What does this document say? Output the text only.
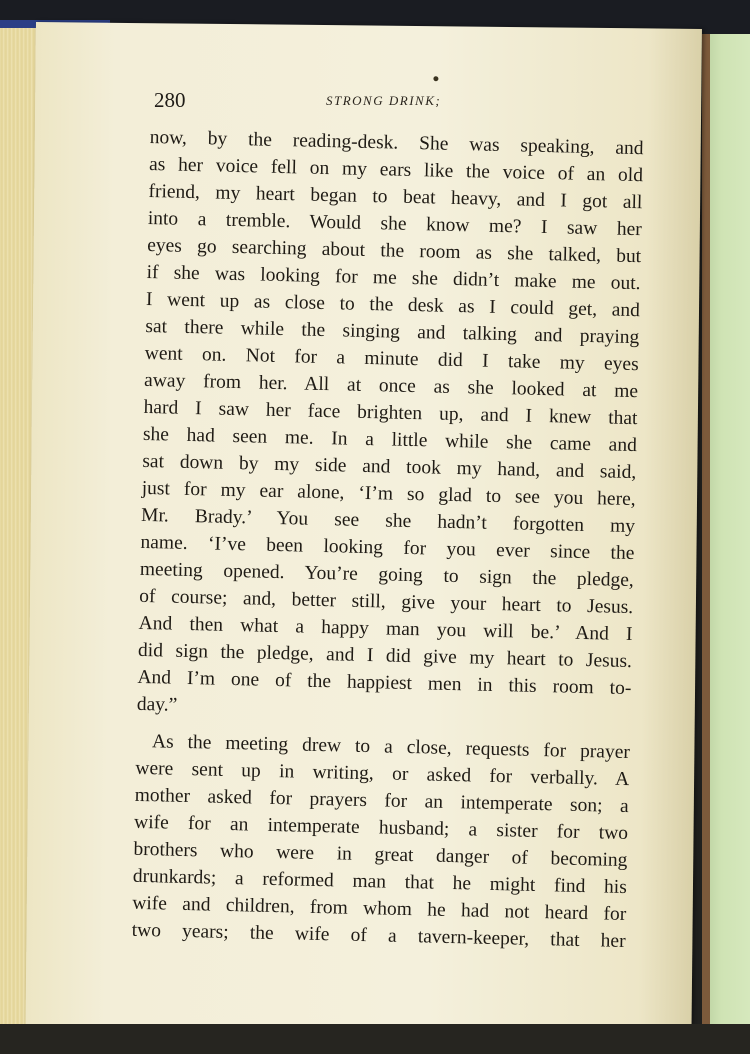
280	STRONG DRINK;
now, by the reading-desk. She was speaking, and
as her voice fell on my ears like the voice of an old
friend, my heart began to beat heavy, and I got all
into a tremble. Would she know me? I saw her
eyes go searching about the room as she talked, but
if she was looking for me she didn’t make me out.
I went up as close to the desk as I could get, and
sat there while the singing and talking and praying
went on. Not for a minute did I take my eyes
away from her. All at once as she looked at me
hard I saw her face brighten up, and I knew that
she had seen me. In a little while she came and
sat down by my side and took my hand, and said,
just for my ear alone, ‘I’m so glad to see you here,
Mr. Brady.’ You see she hadn’t forgotten my
name. ‘I’ve been looking for you ever since the
meeting opened. You’re going to sign the pledge,
of course; and, better still, give your heart to Jesus.
And then what a happy man you will be.’ And I
did sign the pledge, and I did give my heart to Jesus.
And I’m one of the happiest men in this room to-
day.”
As the meeting drew to a close, requests for prayer
were sent up in writing, or asked for verbally. A
mother asked for prayers for an intemperate son; a
wife for an intemperate husband; a sister for two
brothers who were in great danger of becoming
drunkards; a reformed man that he might find his
wife and children, from whom he had not heard for
two years; the wife of a tavern-keeper, that her
